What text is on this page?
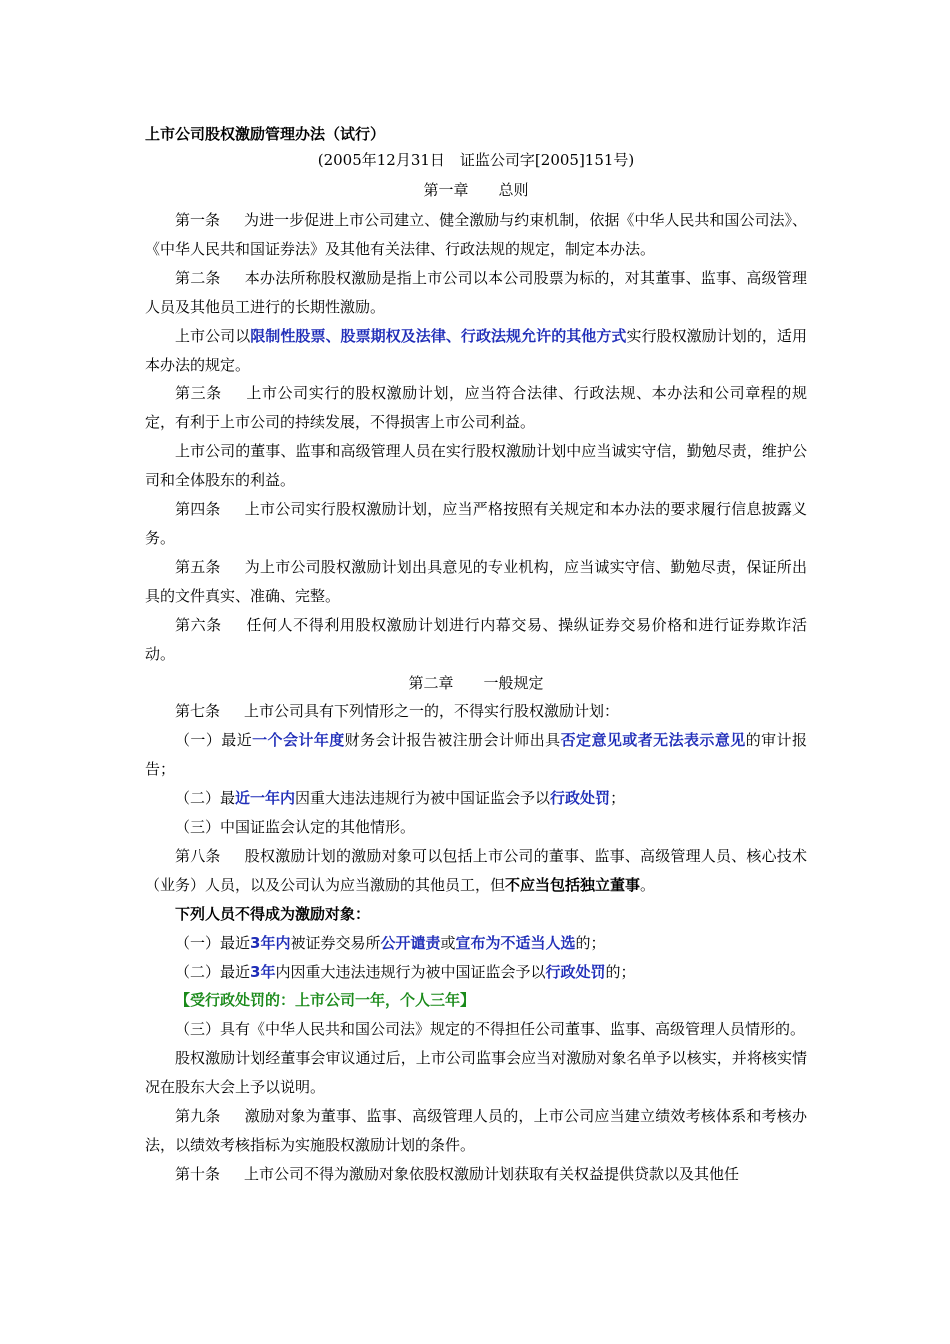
上市公司股权激励管理办法（试行）
(2005年12月31日　证监公司字[2005]151号)
第一章　　总则

第一条 为进一步促进上市公司建立、健全激励与约束机制，依据《中华人民共和国公司法》、《中华人民共和国证券法》及其他有关法律、行政法规的规定，制定本办法。

第二条 本办法所称股权激励是指上市公司以本公司股票为标的，对其董事、监事、高级管理人员及其他员工进行的长期性激励。

上市公司以限制性股票、股票期权及法律、行政法规允许的其他方式实行股权激励计划的，适用本办法的规定。

第三条 上市公司实行的股权激励计划，应当符合法律、行政法规、本办法和公司章程的规定，有利于上市公司的持续发展，不得损害上市公司利益。

上市公司的董事、监事和高级管理人员在实行股权激励计划中应当诚实守信，勤勉尽责，维护公司和全体股东的利益。

第四条 上市公司实行股权激励计划，应当严格按照有关规定和本办法的要求履行信息披露义务。

第五条 为上市公司股权激励计划出具意见的专业机构，应当诚实守信、勤勉尽责，保证所出具的文件真实、准确、完整。

第六条 任何人不得利用股权激励计划进行内幕交易、操纵证券交易价格和进行证券欺诈活动。

第二章　　一般规定

第七条 上市公司具有下列情形之一的，不得实行股权激励计划：

（一）最近一个会计年度财务会计报告被注册会计师出具否定意见或者无法表示意见的审计报告；

（二）最近一年内因重大违法违规行为被中国证监会予以行政处罚；

（三）中国证监会认定的其他情形。

第八条 股权激励计划的激励对象可以包括上市公司的董事、监事、高级管理人员、核心技术（业务）人员，以及公司认为应当激励的其他员工，但不应当包括独立董事。

下列人员不得成为激励对象：

（一）最近3年内被证券交易所公开谴责或宣布为不适当人选的；

（二）最近3年内因重大违法违规行为被中国证监会予以行政处罚的；

【受行政处罚的：上市公司一年，个人三年】

（三）具有《中华人民共和国公司法》规定的不得担任公司董事、监事、高级管理人员情形的。

股权激励计划经董事会审议通过后，上市公司监事会应当对激励对象名单予以核实，并将核实情况在股东大会上予以说明。

第九条 激励对象为董事、监事、高级管理人员的，上市公司应当建立绩效考核体系和考核办法，以绩效考核指标为实施股权激励计划的条件。

第十条 上市公司不得为激励对象依股权激励计划获取有关权益提供贷款以及其他任
